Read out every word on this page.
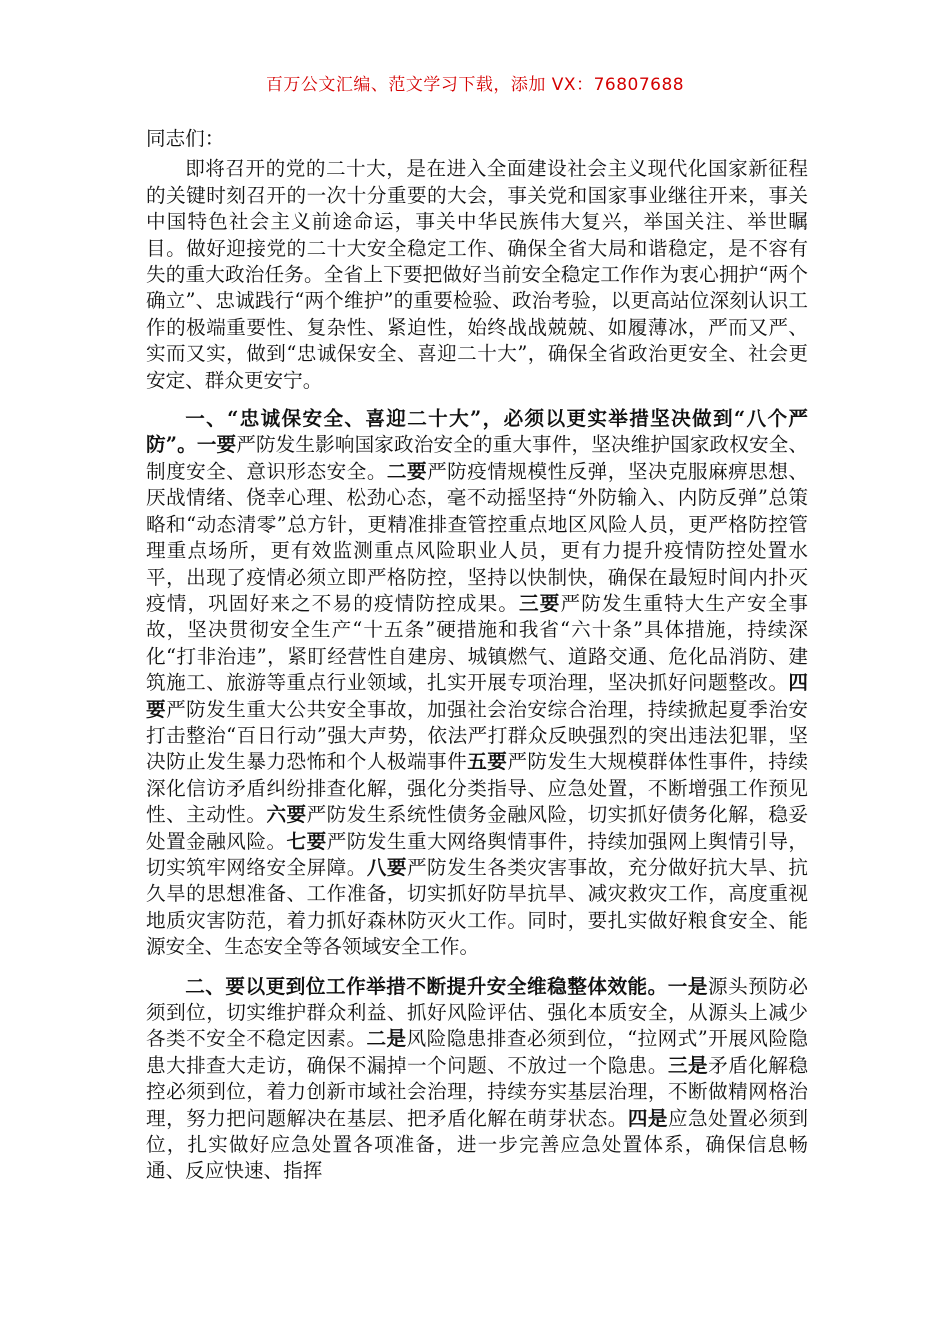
百万公文汇编、范文学习下载，添加 VX：76807688

同志们：

即将召开的党的二十大，是在进入全面建设社会主义现代化国家新征程的关键时刻召开的一次十分重要的大会，事关党和国家事业继往开来，事关中国特色社会主义前途命运，事关中华民族伟大复兴，举国关注、举世瞩目。做好迎接党的二十大安全稳定工作、确保全省大局和谐稳定，是不容有失的重大政治任务。全省上下要把做好当前安全稳定工作作为衷心拥护“两个确立”、忠诚践行“两个维护”的重要检验、政治考验，以更高站位深刻认识工作的极端重要性、复杂性、紧迫性，始终战战兢兢、如履薄冰，严而又严、实而又实，做到“忠诚保安全、喜迎二十大”，确保全省政治更安全、社会更安定、群众更安宁。

一、“忠诚保安全、喜迎二十大”，必须以更实举措坚决做到“八个严防”。一要严防发生影响国家政治安全的重大事件，坚决维护国家政权安全、制度安全、意识形态安全。二要严防疫情规模性反弹，坚决克服麻痹思想、厌战情绪、侥幸心理、松劲心态，毫不动摇坚持“外防输入、内防反弹”总策略和“动态清零”总方针，更精准排查管控重点地区风险人员，更严格防控管理重点场所，更有效监测重点风险职业人员，更有力提升疫情防控处置水平，出现了疫情必须立即严格防控，坚持以快制快，确保在最短时间内扑灭疫情，巩固好来之不易的疫情防控成果。三要严防发生重特大生产安全事故，坚决贯彻安全生产“十五条”硬措施和我省“六十条”具体措施，持续深化“打非治违”，紧盯经营性自建房、城镇燃气、道路交通、危化品消防、建筑施工、旅游等重点行业领域，扎实开展专项治理，坚决抓好问题整改。四要严防发生重大公共安全事故，加强社会治安综合治理，持续掀起夏季治安打击整治“百日行动”强大声势，依法严打群众反映强烈的突出违法犯罪，坚决防止发生暴力恐怖和个人极端事件五要严防发生大规模群体性事件，持续深化信访矛盾纠纷排查化解，强化分类指导、应急处置，不断增强工作预见性、主动性。六要严防发生系统性债务金融风险，切实抓好债务化解，稳妥处置金融风险。七要严防发生重大网络舆情事件，持续加强网上舆情引导，切实筑牢网络安全屏障。八要严防发生各类灾害事故，充分做好抗大旱、抗久旱的思想准备、工作准备，切实抓好防旱抗旱、减灾救灾工作，高度重视地质灾害防范，着力抓好森林防灭火工作。同时，要扎实做好粮食安全、能源安全、生态安全等各领域安全工作。

二、要以更到位工作举措不断提升安全维稳整体效能。一是源头预防必须到位，切实维护群众利益、抓好风险评估、强化本质安全，从源头上减少各类不安全不稳定因素。二是风险隐患排查必须到位，“拉网式”开展风险隐患大排查大走访，确保不漏掉一个问题、不放过一个隐患。三是矛盾化解稳控必须到位，着力创新市域社会治理，持续夯实基层治理，不断做精网格治理，努力把问题解决在基层、把矛盾化解在萌芽状态。四是应急处置必须到位，扎实做好应急处置各项准备，进一步完善应急处置体系，确保信息畅通、反应快速、指挥
